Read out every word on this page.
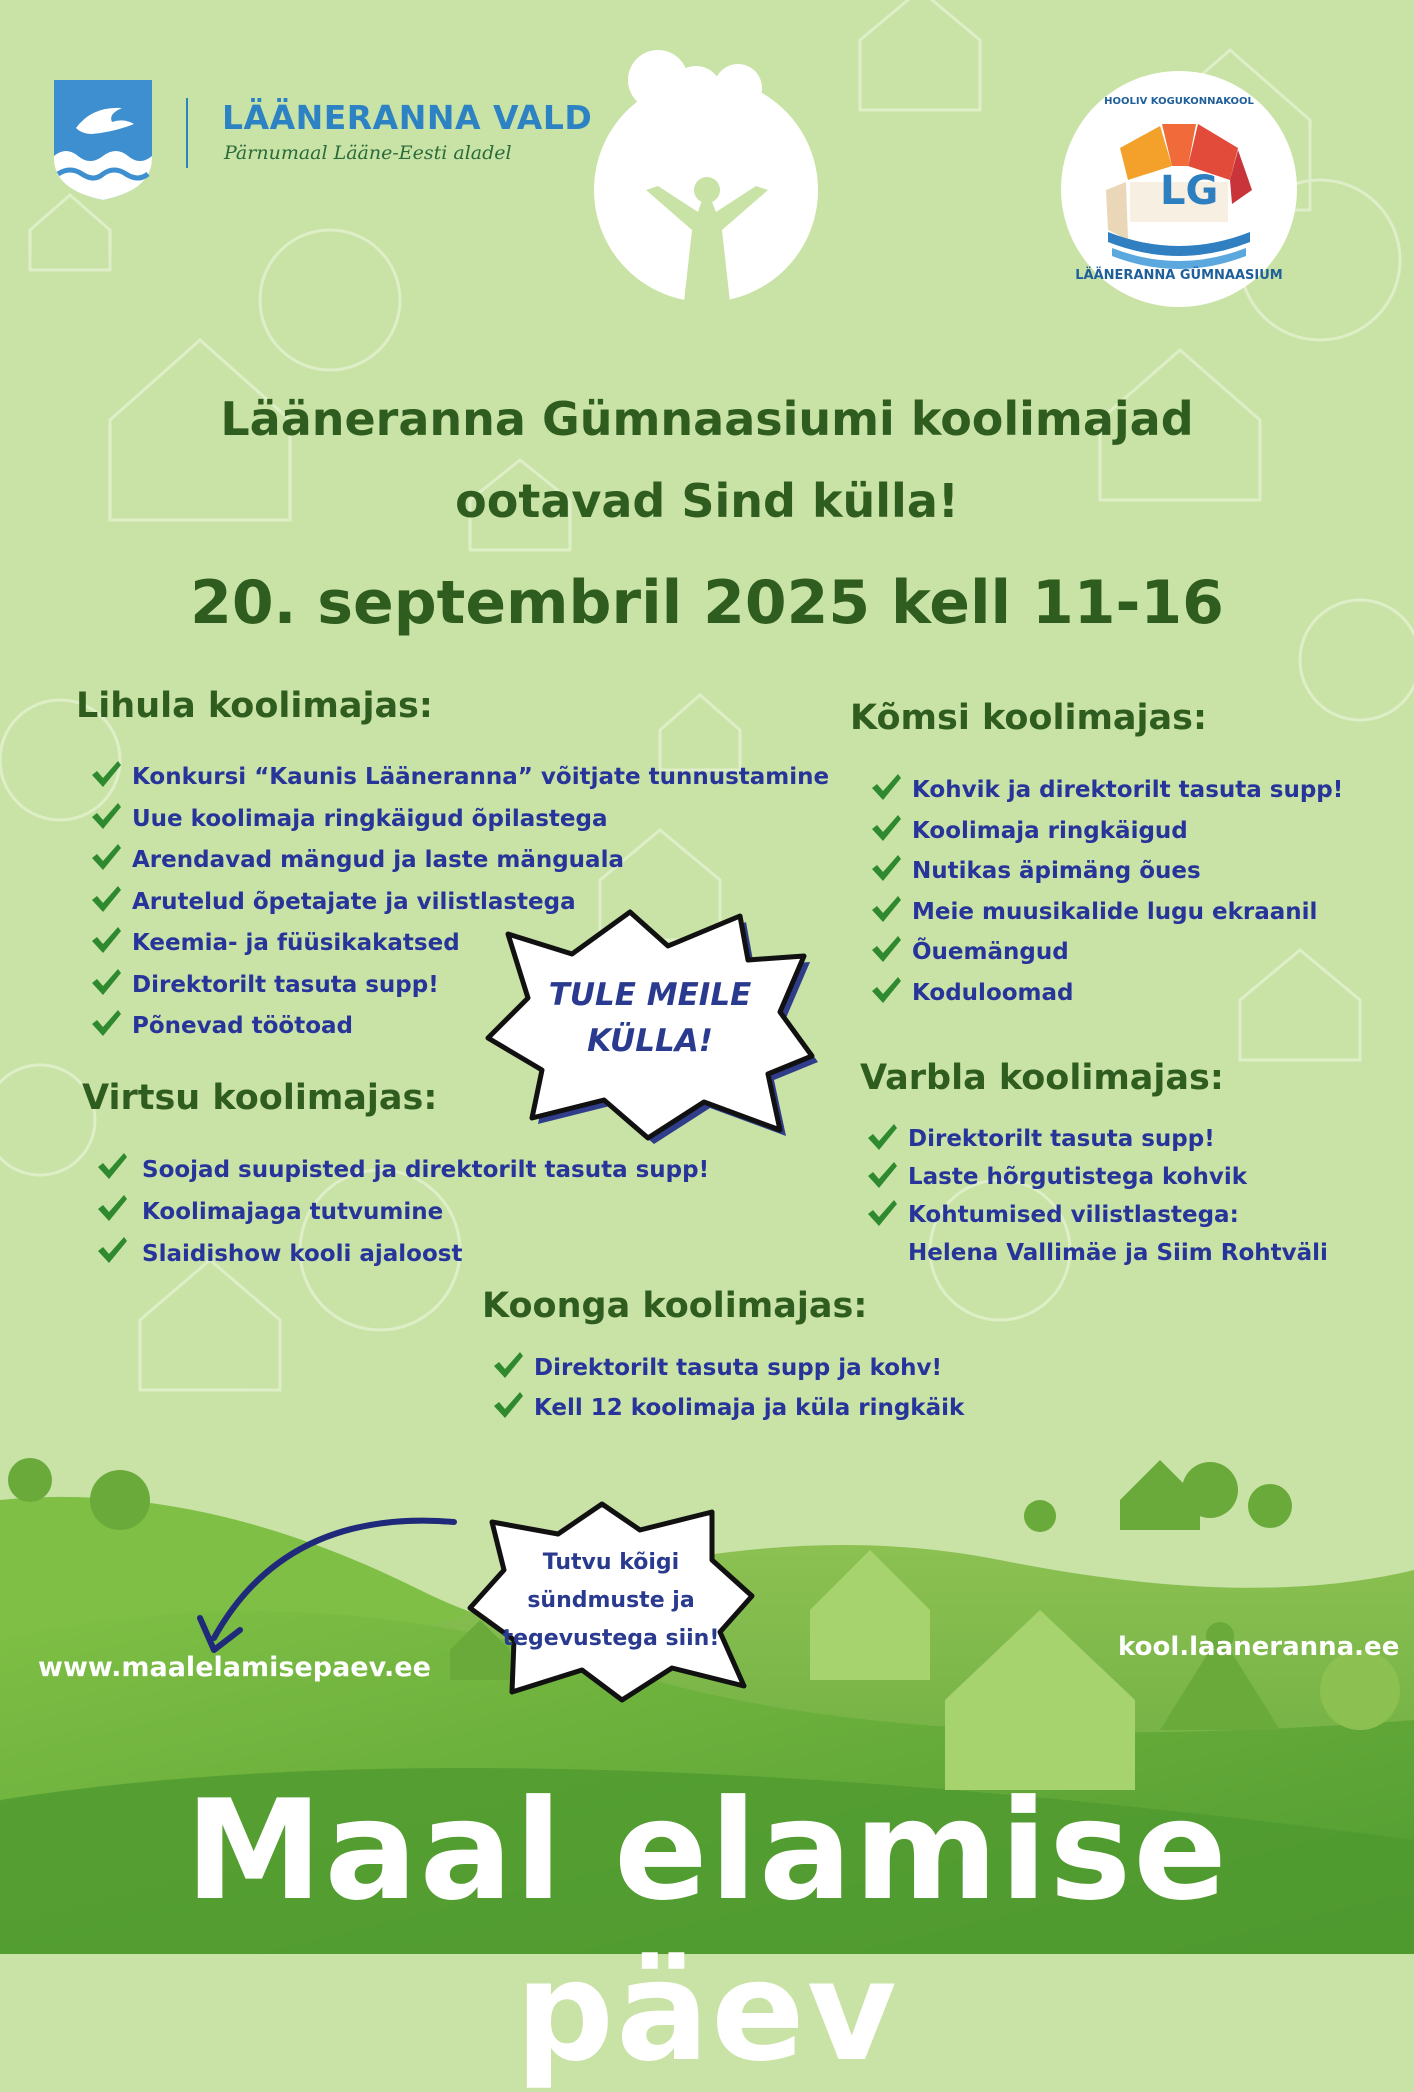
LÄÄNERANNA VALD
Pärnumaal Lääne-Eesti aladel
LG
HOOLIV KOGUKONNAKOOL
LÄÄNERANNA GÜMNAASIUM
Lääneranna Gümnaasiumi koolimajad
ootavad Sind külla!
20. septembril 2025 kell 11-16
Lihula koolimajas:
Konkursi “Kaunis Lääneranna” võitjate tunnustamine
Uue koolimaja ringkäigud õpilastega
Arendavad mängud ja laste mänguala
Arutelud õpetajate ja vilistlastega
Keemia- ja füüsikakatsed
Direktorilt tasuta supp!
Põnevad töötoad
Kõmsi koolimajas:
Kohvik ja direktorilt tasuta supp!
Koolimaja ringkäigud
Nutikas äpimäng õues
Meie muusikalide lugu ekraanil
Õuemängud
Koduloomad
TULE MEILE
KÜLLA!
Virtsu koolimajas:
Soojad suupisted ja direktorilt tasuta supp!
Koolimajaga tutvumine
Slaidishow kooli ajaloost
Varbla koolimajas:
Direktorilt tasuta supp!
Laste hõrgutistega kohvik
Kohtumised vilistlastega:
Helena Vallimäe ja Siim Rohtväli
Koonga koolimajas:
Direktorilt tasuta supp ja kohv!
Kell 12 koolimaja ja küla ringkäik
Tutvu kõigi
sündmuste ja
tegevustega siin!
www.maalelamisepaev.ee
kool.laaneranna.ee
Maal elamise päev
